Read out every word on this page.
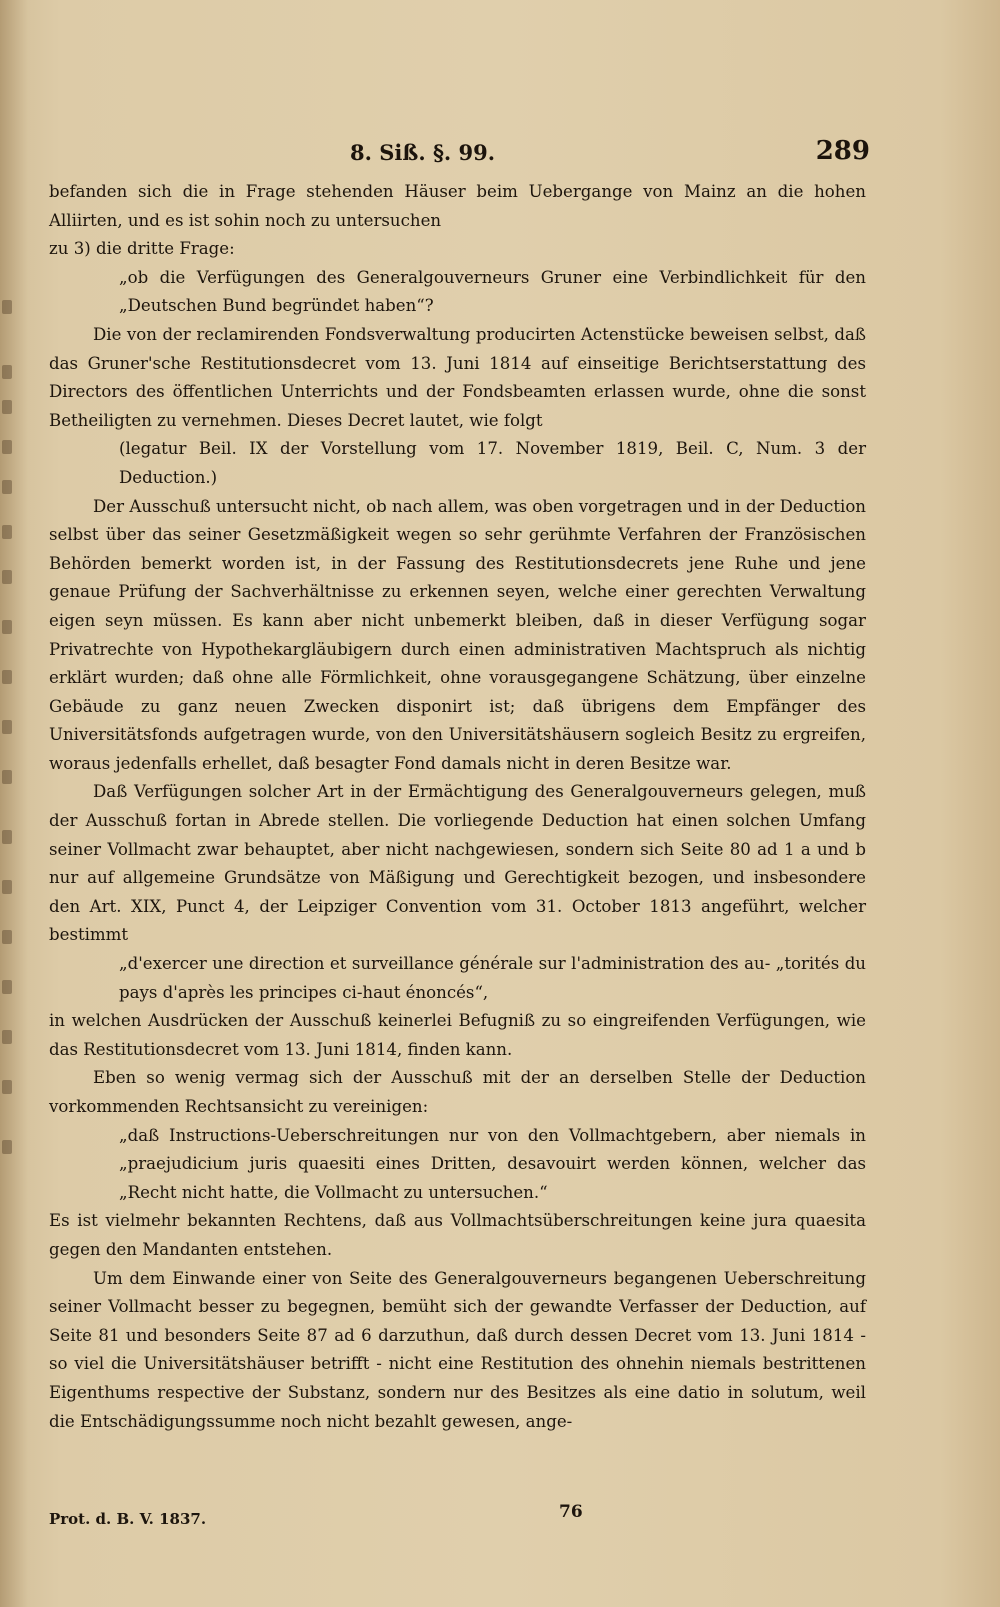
8. Siß. §. 99.	289

befanden sich die in Frage stehenden Häuser beim Uebergange von Mainz an die hohen Alliirten, und es ist sohin noch zu untersuchen

zu 3) die dritte Frage:

„ob die Verfügungen des Generalgouverneurs Gruner eine Verbindlichkeit für den „Deutschen Bund begründet haben“?

Die von der reclamirenden Fondsverwaltung producirten Actenstücke beweisen selbst, daß das Gruner'sche Restitutionsdecret vom 13. Juni 1814 auf einseitige Berichtserstattung des Directors des öffentlichen Unterrichts und der Fondsbeamten erlassen wurde, ohne die sonst Betheiligten zu vernehmen. Dieses Decret lautet, wie folgt

(legatur Beil. IX der Vorstellung vom 17. November 1819, Beil. C, Num. 3 der Deduction.)

Der Ausschuß untersucht nicht, ob nach allem, was oben vorgetragen und in der Deduction selbst über das seiner Gesetzmäßigkeit wegen so sehr gerühmte Verfahren der Französischen Behörden bemerkt worden ist, in der Fassung des Restitutionsdecrets jene Ruhe und jene genaue Prüfung der Sachverhältnisse zu erkennen seyen, welche einer gerechten Verwaltung eigen seyn müssen. Es kann aber nicht unbemerkt bleiben, daß in dieser Verfügung sogar Privatrechte von Hypothekargläubigern durch einen administrativen Machtspruch als nichtig erklärt wurden; daß ohne alle Förmlichkeit, ohne vorausgegangene Schätzung, über einzelne Gebäude zu ganz neuen Zwecken disponirt ist; daß übrigens dem Empfänger des Universitätsfonds aufgetragen wurde, von den Universitätshäusern sogleich Besitz zu ergreifen, woraus jedenfalls erhellet, daß besagter Fond damals nicht in deren Besitze war.

Daß Verfügungen solcher Art in der Ermächtigung des Generalgouverneurs gelegen, muß der Ausschuß fortan in Abrede stellen. Die vorliegende Deduction hat einen solchen Umfang seiner Vollmacht zwar behauptet, aber nicht nachgewiesen, sondern sich Seite 80 ad 1 a und b nur auf allgemeine Grundsätze von Mäßigung und Gerechtigkeit bezogen, und insbesondere den Art. XIX, Punct 4, der Leipziger Convention vom 31. October 1813 angeführt, welcher bestimmt

„d'exercer une direction et surveillance générale sur l'administration des au- „torités du pays d'après les principes ci-haut énoncés“,

in welchen Ausdrücken der Ausschuß keinerlei Befugniß zu so eingreifenden Verfügungen, wie das Restitutionsdecret vom 13. Juni 1814, finden kann.

Eben so wenig vermag sich der Ausschuß mit der an derselben Stelle der Deduction vorkommenden Rechtsansicht zu vereinigen:

„daß Instructions-Ueberschreitungen nur von den Vollmachtgebern, aber niemals in „praejudicium juris quaesiti eines Dritten, desavouirt werden können, welcher das „Recht nicht hatte, die Vollmacht zu untersuchen.“

Es ist vielmehr bekannten Rechtens, daß aus Vollmachtsüberschreitungen keine jura quaesita gegen den Mandanten entstehen.

Um dem Einwande einer von Seite des Generalgouverneurs begangenen Ueberschreitung seiner Vollmacht besser zu begegnen, bemüht sich der gewandte Verfasser der Deduction, auf Seite 81 und besonders Seite 87 ad 6 darzuthun, daß durch dessen Decret vom 13. Juni 1814 - so viel die Universitätshäuser betrifft - nicht eine Restitution des ohnehin niemals bestrittenen Eigenthums respective der Substanz, sondern nur des Besitzes als eine datio in solutum, weil die Entschädigungssumme noch nicht bezahlt gewesen, ange-

Prot. d. B. V. 1837.	76
